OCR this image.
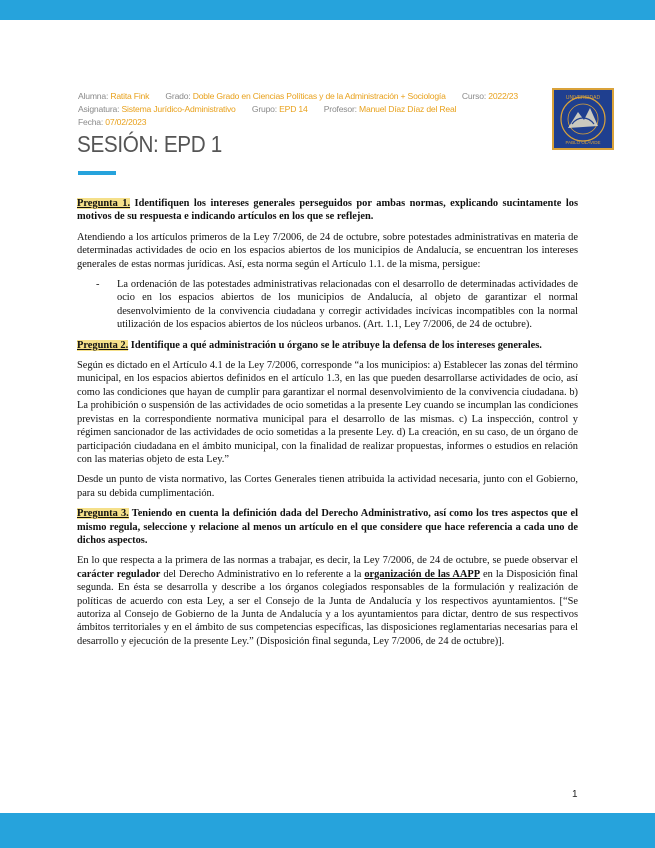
Alumna: Ratita Fink Grado: Doble Grado en Ciencias Políticas y de la Administración + Sociología Curso: 2022/23 Asignatura: Sistema Jurídico-Administrativo Grupo: EPD 14 Profesor: Manuel Díaz Díaz del Real
Fecha: 07/02/2023
SESIÓN: EPD 1
UNIVERSIDAD
PABLO OLAVIDE

Pregunta 1. Identifiquen los intereses generales perseguidos por ambas normas, explicando sucintamente los motivos de su respuesta e indicando artículos en los que se reflejen.

Atendiendo a los artículos primeros de la Ley 7/2006, de 24 de octubre, sobre potestades administrativas en materia de determinadas actividades de ocio en los espacios abiertos de los municipios de Andalucía, se encuentran los intereses generales de estas normas jurídicas. Así, esta norma según el Artículo 1.1. de la misma, persigue:

- La ordenación de las potestades administrativas relacionadas con el desarrollo de determinadas actividades de ocio en los espacios abiertos de los municipios de Andalucía, al objeto de garantizar el normal desenvolvimiento de la convivencia ciudadana y corregir actividades incívicas incompatibles con la normal utilización de los espacios abiertos de los núcleos urbanos. (Art. 1.1, Ley 7/2006, de 24 de octubre).

Pregunta 2. Identifique a qué administración u órgano se le atribuye la defensa de los intereses generales.

Según es dictado en el Artículo 4.1 de la Ley 7/2006, corresponde “a los municipios: a) Establecer las zonas del término municipal, en los espacios abiertos definidos en el artículo 1.3, en las que pueden desarrollarse actividades de ocio, así como las condiciones que hayan de cumplir para garantizar el normal desenvolvimiento de la convivencia ciudadana. b) La prohibición o suspensión de las actividades de ocio sometidas a la presente Ley cuando se incumplan las condiciones previstas en la correspondiente normativa municipal para el desarrollo de las mismas. c) La inspección, control y régimen sancionador de las actividades de ocio sometidas a la presente Ley. d) La creación, en su caso, de un órgano de participación ciudadana en el ámbito municipal, con la finalidad de realizar propuestas, informes o estudios en relación con las materias objeto de esta Ley.”

Desde un punto de vista normativo, las Cortes Generales tienen atribuida la actividad necesaria, junto con el Gobierno, para su debida cumplimentación.

Pregunta 3. Teniendo en cuenta la definición dada del Derecho Administrativo, así como los tres aspectos que el mismo regula, seleccione y relacione al menos un artículo en el que considere que hace referencia a cada uno de dichos aspectos.

En lo que respecta a la primera de las normas a trabajar, es decir, la Ley 7/2006, de 24 de octubre, se puede observar el carácter regulador del Derecho Administrativo en lo referente a la organización de las AAPP en la Disposición final segunda. En ésta se desarrolla y describe a los órganos colegiados responsables de la formulación y realización de políticas de acuerdo con esta Ley, a ser el Consejo de la Junta de Andalucía y los respectivos ayuntamientos. [“Se autoriza al Consejo de Gobierno de la Junta de Andalucía y a los ayuntamientos para dictar, dentro de sus respectivos ámbitos territoriales y en el ámbito de sus competencias específicas, las disposiciones reglamentarias necesarias para el desarrollo y ejecución de la presente Ley.” (Disposición final segunda, Ley 7/2006, de 24 de octubre)].

1
